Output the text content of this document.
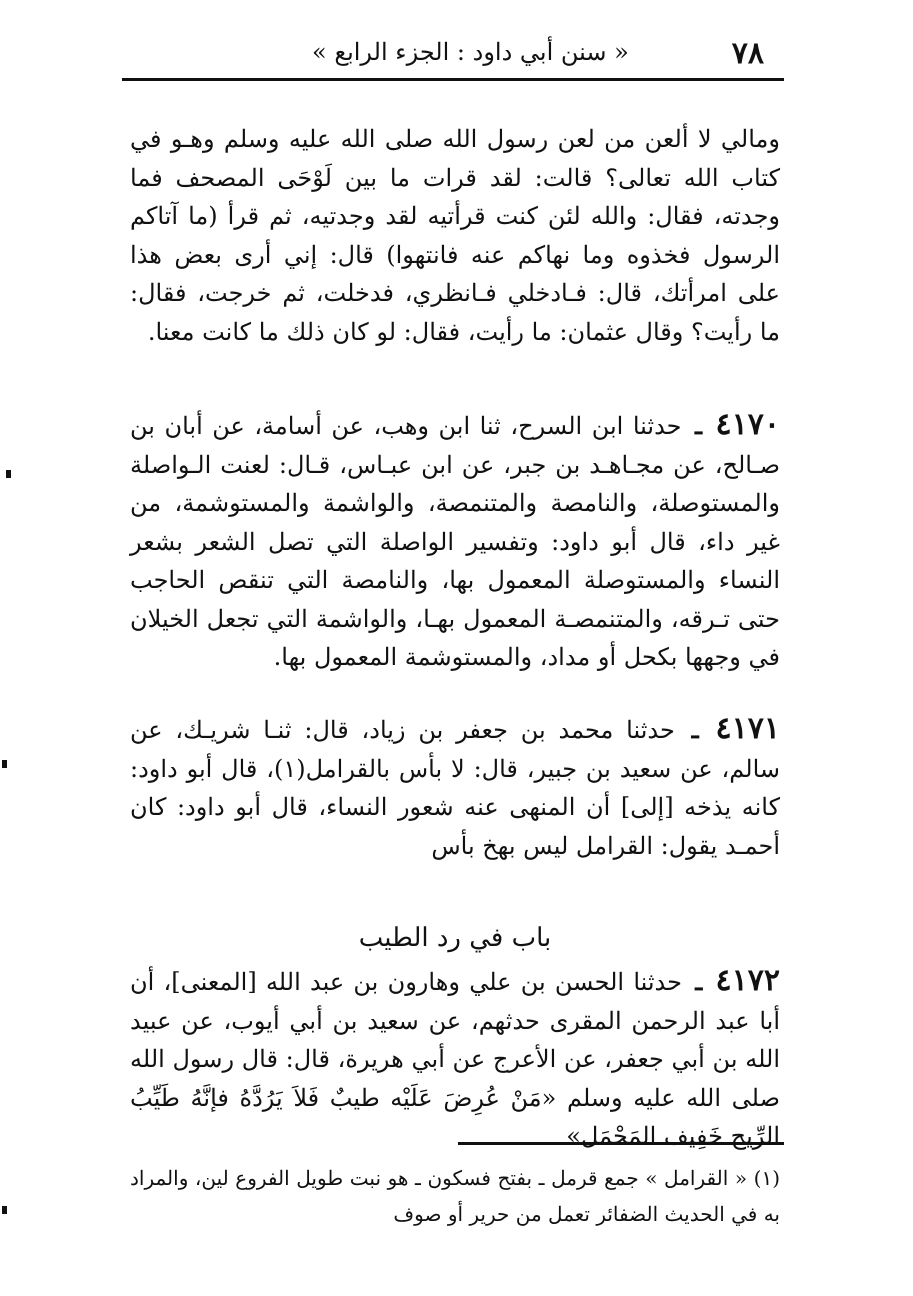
٧٨
« سنن أبي داود : الجزء الرابع »

ومالي لا ألعن من لعن رسول الله صلى الله عليه وسلم وهـو في كتاب الله تعالى؟ قالت: لقد قرات ما بين لَوْحَى المصحف فما وجدته، فقال: والله لئن كنت قرأتيه لقد وجدتيه، ثم قرأ (ما آتاكم الرسول فخذوه وما نهاكم عنه فانتهوا) قال: إني أرى بعض هذا على امرأتك، قال: فـادخلي فـانظري، فدخلت، ثم خرجت، فقال: ما رأيت؟ وقال عثمان: ما رأيت، فقال: لو كان ذلك ما كانت معنا.

٤١٧٠ ـ حدثنا ابن السرح، ثنا ابن وهب، عن أسامة، عن أبان بن صـالح، عن مجـاهـد بن جبر، عن ابن عبـاس، قـال: لعنت الـواصلة والمستوصلة، والنامصة والمتنمصة، والواشمة والمستوشمة، من غير داء، قال أبو داود: وتفسير الواصلة التي تصل الشعر بشعر النساء والمستوصلة المعمول بها، والنامصة التي تنقص الحاجب حتى تـرقه، والمتنمصـة المعمول بهـا، والواشمة التي تجعل الخيلان في وجهها بكحل أو مداد، والمستوشمة المعمول بها.

٤١٧١ ـ حدثنا محمد بن جعفر بن زياد، قال: ثنـا شريـك، عن سالم، عن سعيد بن جبير، قال: لا بأس بالقرامل(١)، قال أبو داود: كانه يذخه [إلى] أن المنهى عنه شعور النساء، قال أبو داود: كان أحمـد يقول: القرامل ليس بهخ بأس

باب في رد الطيب

٤١٧٢ ـ حدثنا الحسن بن علي وهارون بن عبد الله [المعنى]، أن أبا عبد الرحمن المقرى حدثهم، عن سعيد بن أبي أيوب، عن عبيد الله بن أبي جعفر، عن الأعرج عن أبي هريرة، قال: قال رسول الله صلى الله عليه وسلم «مَنْ عُرِضَ عَلَيْه طيبٌ فَلاَ يَرُدَّهُ فإنَّهُ طَيِّبُ الرِّيح خَفِيف المَحْمَل»

(١) « القرامل » جمع قرمل ـ بفتح فسكون ـ هو نبت طويل الفروع لين، والمراد به في الحديث الضفائر تعمل من حرير أو صوف
